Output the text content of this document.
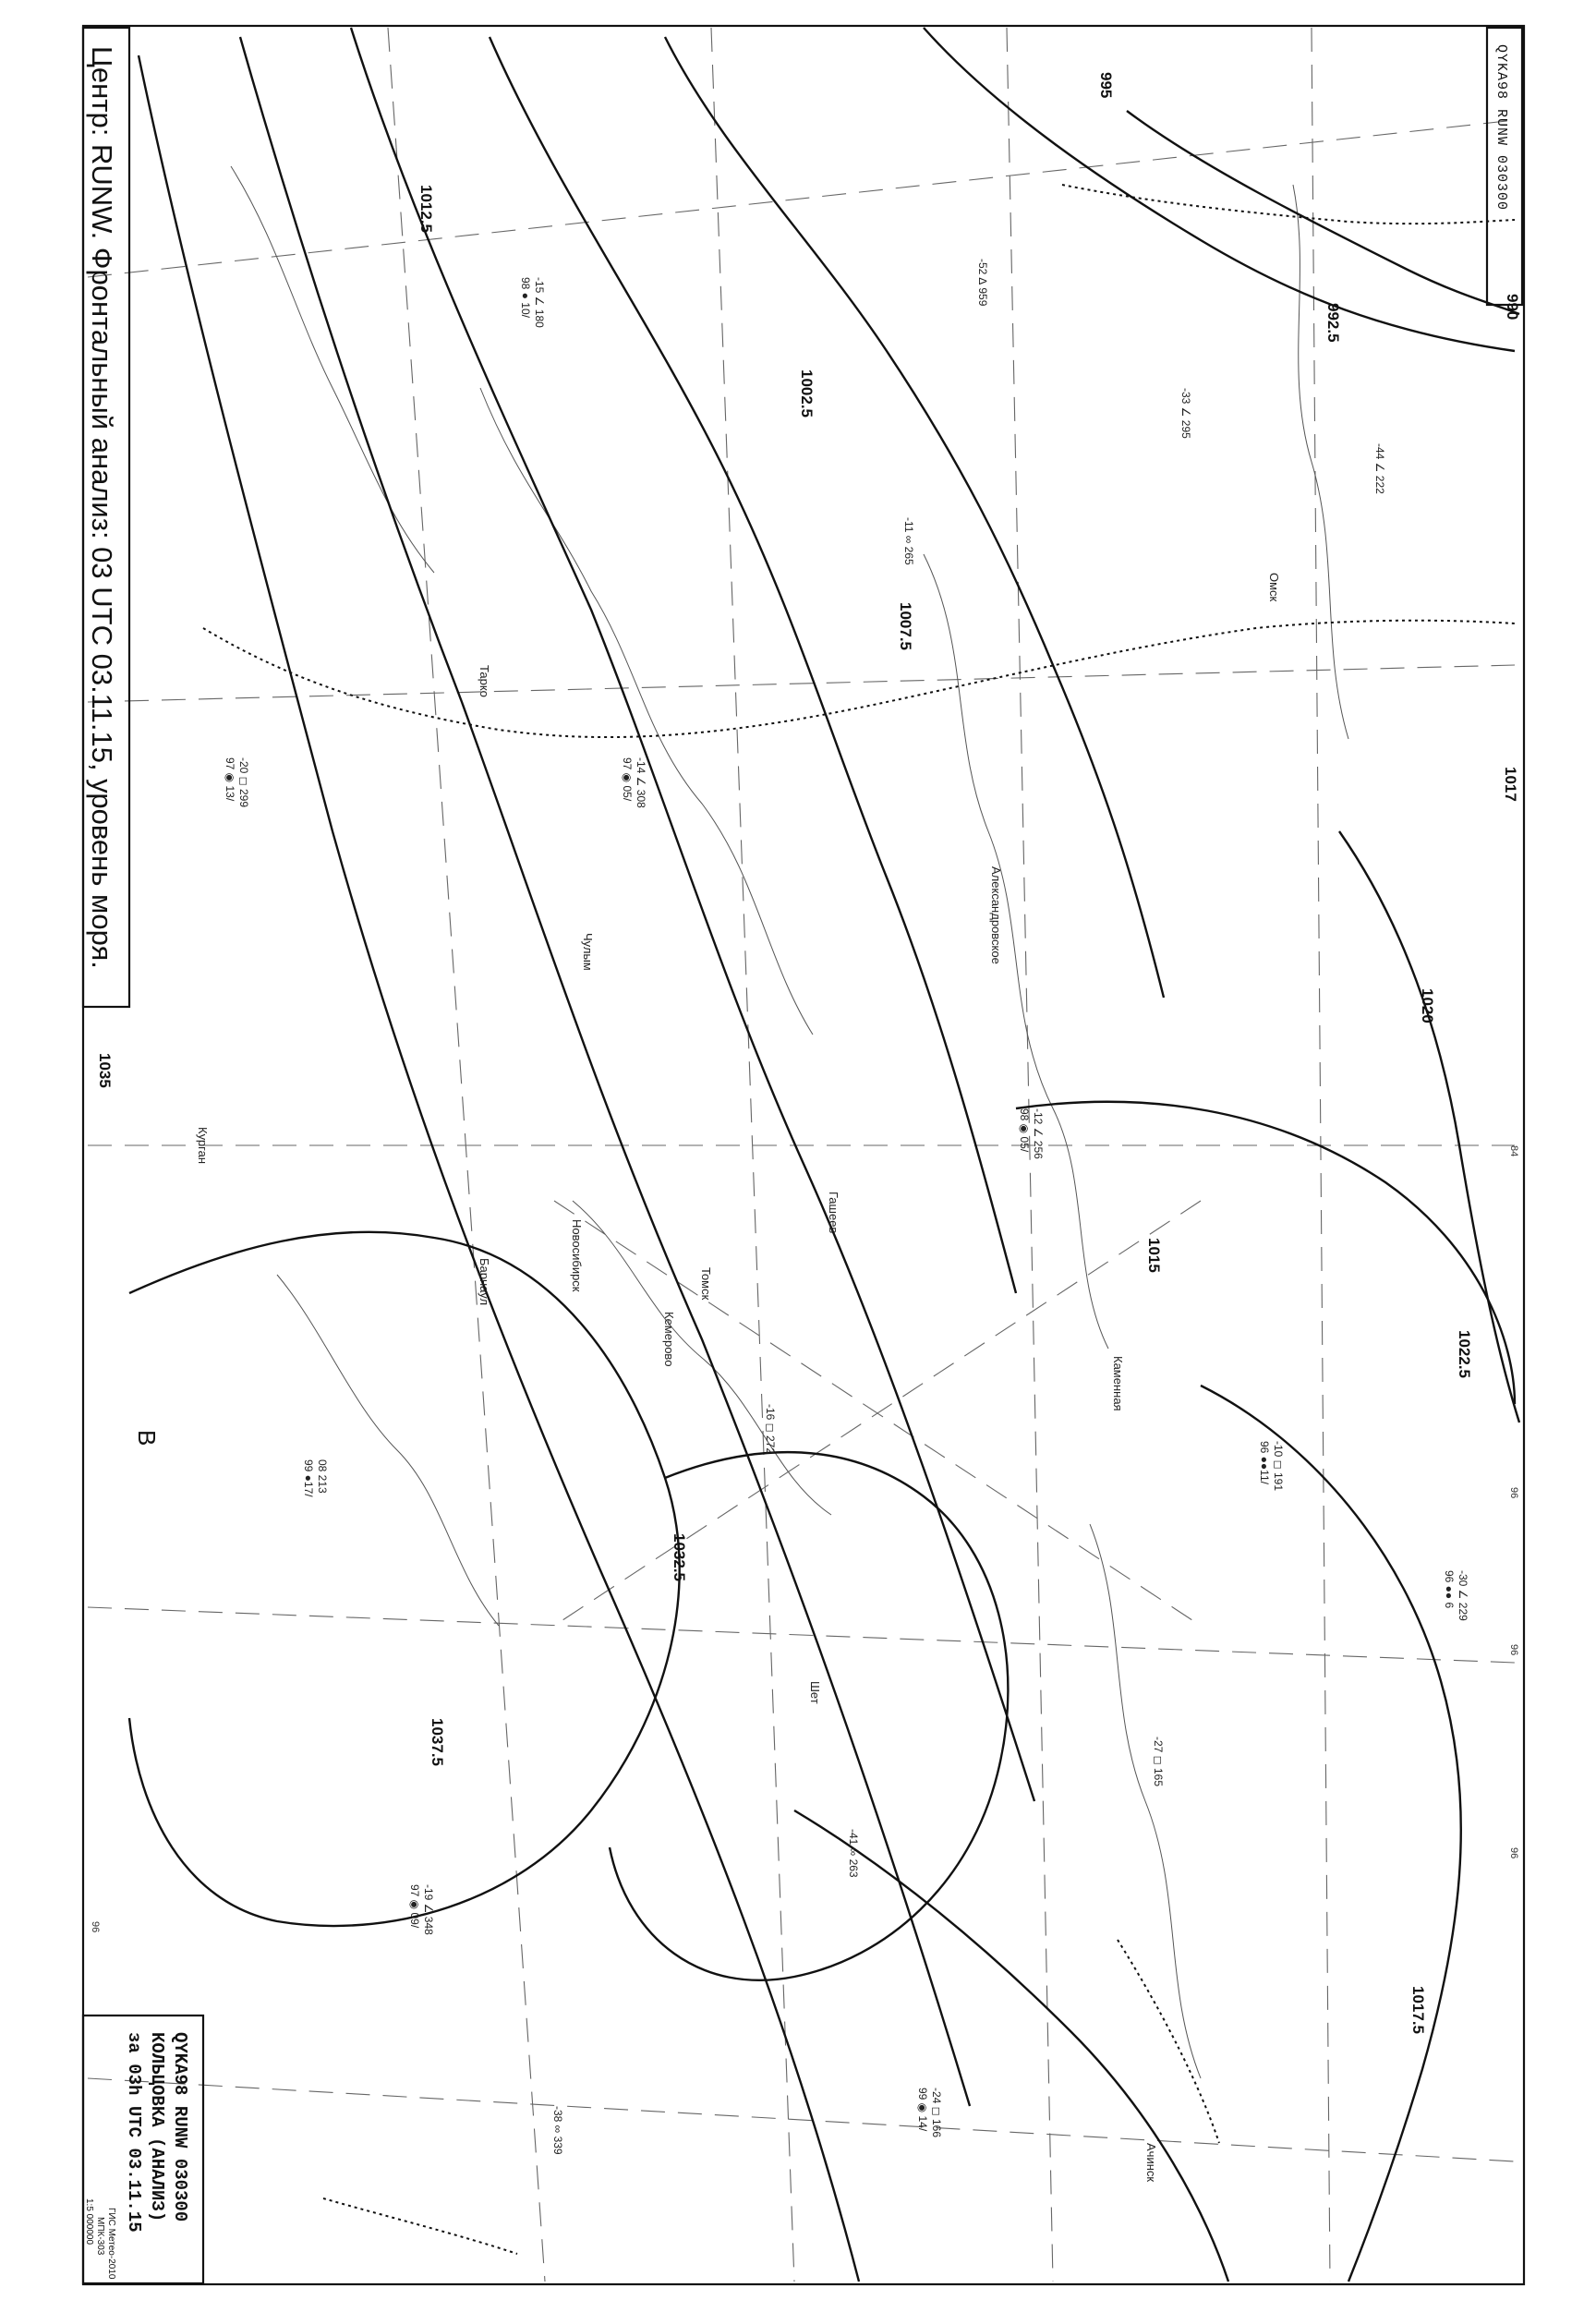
990
992.5
995
1002.5
1007.5
1012.5
1015
1017.5
1020
1022.5
1032.5
1035
1037.5
1017
В
Александровское
Томск
Кемерово
Новосибирск
Барнаул
Каменная
Ачинск
Гашеев
Тарко
Чулым
Курган
Омск
Шет
08 213
99 ●17/
-14 ∠ 308
97 ◉ 05/
-11 ∞ 265
-12 ∠ 256
98 ◉ 05/
-16 ◻ 272
-33 ∠ 295
-19 ∠ 348
97 ◉ 09/
-10 ◻ 191
96 ●●11/
-52 ∆ 959
-15 ∠ 180
98 ● 10/
-27 ◻ 165
-41 ∞ 263
-20 ◻ 299
97 ◉ 13/
-44 ∠ 222
-30 ∠ 229
96 ●● 6
-38 ∞ 339	-24 ◻ 166
99 ◉ 14/
84
96
96
96
96
Центр: RUNW. Фронтальный анализ: 03 UTC 03.11.15, уровень моря.	QYKA98 RUNW 030300
QYKA98 RUNW 030300
КОЛЬЦОВКА (АНАЛИЗ)
за 03h UTC 03.11.15
ГИС Метео-2010
МПК-303
1:5 000000
